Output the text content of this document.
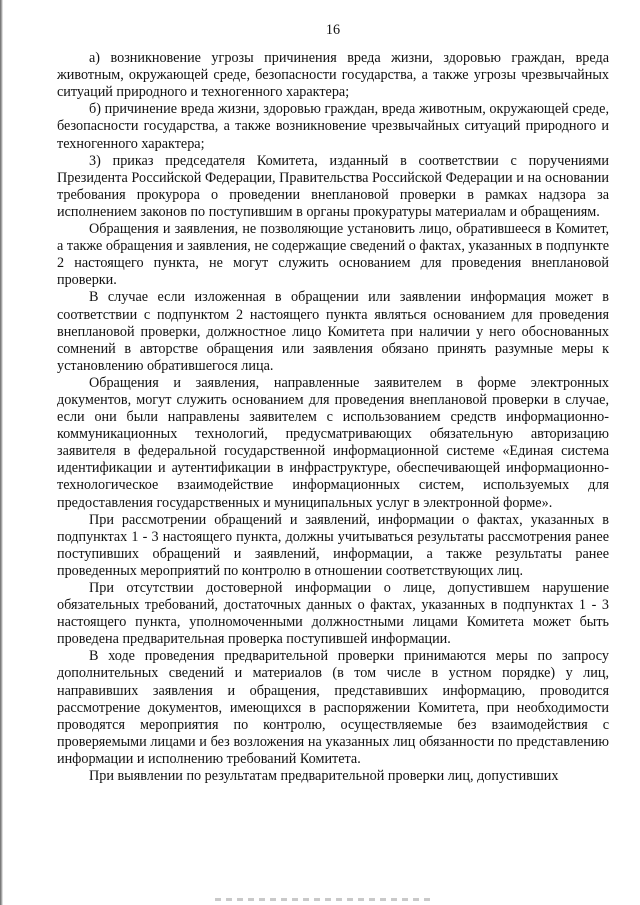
16

а) возникновение угрозы причинения вреда жизни, здоровью граждан, вреда животным, окружающей среде, безопасности государства, а также угрозы чрезвычайных ситуаций природного и техногенного характера;

б) причинение вреда жизни, здоровью граждан, вреда животным, окружающей среде, безопасности государства, а также возникновение чрезвычайных ситуаций природного и техногенного характера;

3) приказ председателя Комитета, изданный в соответствии с поручениями Президента Российской Федерации, Правительства Российской Федерации и на основании требования прокурора о проведении внеплановой проверки в рамках надзора за исполнением законов по поступившим в органы прокуратуры материалам и обращениям.

Обращения и заявления, не позволяющие установить лицо, обратившееся в Комитет, а также обращения и заявления, не содержащие сведений о фактах, указанных в подпункте 2 настоящего пункта, не могут служить основанием для проведения внеплановой проверки.

В случае если изложенная в обращении или заявлении информация может в соответствии с подпунктом 2 настоящего пункта являться основанием для проведения внеплановой проверки, должностное лицо Комитета при наличии у него обоснованных сомнений в авторстве обращения или заявления обязано принять разумные меры к установлению обратившегося лица.

Обращения и заявления, направленные заявителем в форме электронных документов, могут служить основанием для проведения внеплановой проверки в случае, если они были направлены заявителем с использованием средств информационно-коммуникационных технологий, предусматривающих обязательную авторизацию заявителя в федеральной государственной информационной системе «Единая система идентификации и аутентификации в инфраструктуре, обеспечивающей информационно-технологическое взаимодействие информационных систем, используемых для предоставления государственных и муниципальных услуг в электронной форме».

При рассмотрении обращений и заявлений, информации о фактах, указанных в подпунктах 1 - 3 настоящего пункта, должны учитываться результаты рассмотрения ранее поступивших обращений и заявлений, информации, а также результаты ранее проведенных мероприятий по контролю в отношении соответствующих лиц.

При отсутствии достоверной информации о лице, допустившем нарушение обязательных требований, достаточных данных о фактах, указанных в подпунктах 1 - 3 настоящего пункта, уполномоченными должностными лицами Комитета может быть проведена предварительная проверка поступившей информации.

В ходе проведения предварительной проверки принимаются меры по запросу дополнительных сведений и материалов (в том числе в устном порядке) у лиц, направивших заявления и обращения, представивших информацию, проводится рассмотрение документов, имеющихся в распоряжении Комитета, при необходимости проводятся мероприятия по контролю, осуществляемые без взаимодействия с проверяемыми лицами и без возложения на указанных лиц обязанности по представлению информации и исполнению требований Комитета.

При выявлении по результатам предварительной проверки лиц, допустивших
